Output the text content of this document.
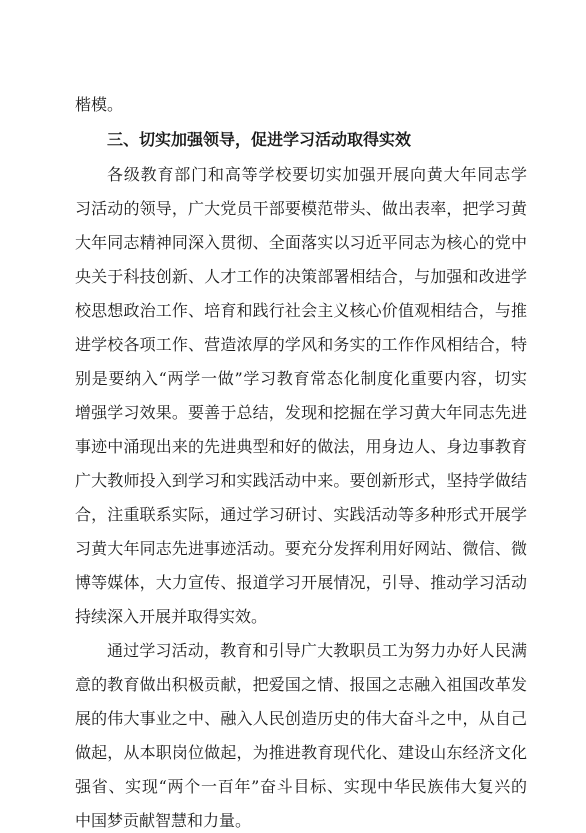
楷模。
三、切实加强领导，促进学习活动取得实效
各级教育部门和高等学校要切实加强开展向黄大年同志学
习活动的领导，广大党员干部要模范带头、做出表率，把学习黄
大年同志精神同深入贯彻、全面落实以习近平同志为核心的党中
央关于科技创新、人才工作的决策部署相结合，与加强和改进学
校思想政治工作、培育和践行社会主义核心价值观相结合，与推
进学校各项工作、营造浓厚的学风和务实的工作作风相结合，特
别是要纳入“两学一做”学习教育常态化制度化重要内容，切实
增强学习效果。要善于总结，发现和挖掘在学习黄大年同志先进
事迹中涌现出来的先进典型和好的做法，用身边人、身边事教育
广大教师投入到学习和实践活动中来。要创新形式，坚持学做结
合，注重联系实际，通过学习研讨、实践活动等多种形式开展学
习黄大年同志先进事迹活动。要充分发挥利用好网站、微信、微
博等媒体，大力宣传、报道学习开展情况，引导、推动学习活动
持续深入开展并取得实效。
通过学习活动，教育和引导广大教职员工为努力办好人民满
意的教育做出积极贡献，把爱国之情、报国之志融入祖国改革发
展的伟大事业之中、融入人民创造历史的伟大奋斗之中，从自己
做起，从本职岗位做起，为推进教育现代化、建设山东经济文化
强省、实现“两个一百年”奋斗目标、实现中华民族伟大复兴的
中国梦贡献智慧和力量。
